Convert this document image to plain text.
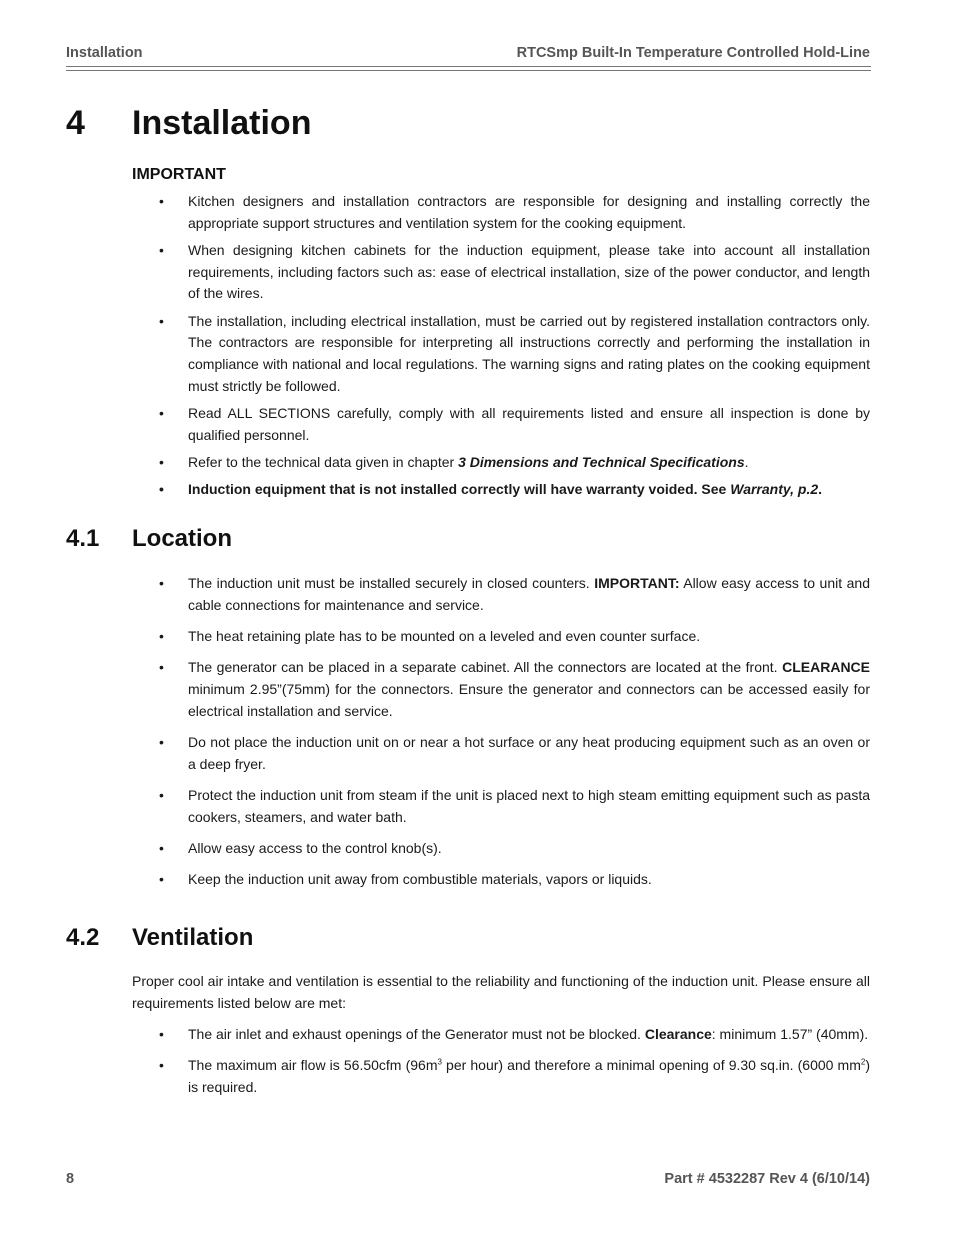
Installation	RTCSmp Built-In Temperature Controlled Hold-Line
4 Installation
IMPORTANT
• Kitchen designers and installation contractors are responsible for designing and installing correctly the appropriate support structures and ventilation system for the cooking equipment.
• When designing kitchen cabinets for the induction equipment, please take into account all installation requirements, including factors such as: ease of electrical installation, size of the power conductor, and length of the wires.
• The installation, including electrical installation, must be carried out by registered installation contractors only. The contractors are responsible for interpreting all instructions correctly and performing the installation in compliance with national and local regulations. The warning signs and rating plates on the cooking equipment must strictly be followed.
• Read ALL SECTIONS carefully, comply with all requirements listed and ensure all inspection is done by qualified personnel.
• Refer to the technical data given in chapter 3 Dimensions and Technical Specifications.
• Induction equipment that is not installed correctly will have warranty voided. See Warranty, p.2.
4.1 Location
• The induction unit must be installed securely in closed counters. IMPORTANT: Allow easy access to unit and cable connections for maintenance and service.
• The heat retaining plate has to be mounted on a leveled and even counter surface.
• The generator can be placed in a separate cabinet. All the connectors are located at the front. CLEARANCE minimum 2.95”(75mm) for the connectors. Ensure the generator and connectors can be accessed easily for electrical installation and service.
• Do not place the induction unit on or near a hot surface or any heat producing equipment such as an oven or a deep fryer.
• Protect the induction unit from steam if the unit is placed next to high steam emitting equipment such as pasta cookers, steamers, and water bath.
• Allow easy access to the control knob(s).
• Keep the induction unit away from combustible materials, vapors or liquids.
4.2 Ventilation

Proper cool air intake and ventilation is essential to the reliability and functioning of the induction unit. Please ensure all requirements listed below are met:

• The air inlet and exhaust openings of the Generator must not be blocked. Clearance: minimum 1.57” (40mm).
• The maximum air flow is 56.50cfm ($96m^3$ per hour) and therefore a minimal opening of 9.30 sq.in. (6000 $mm^2$) is required.
8	Part # 4532287 Rev 4 (6/10/14)
